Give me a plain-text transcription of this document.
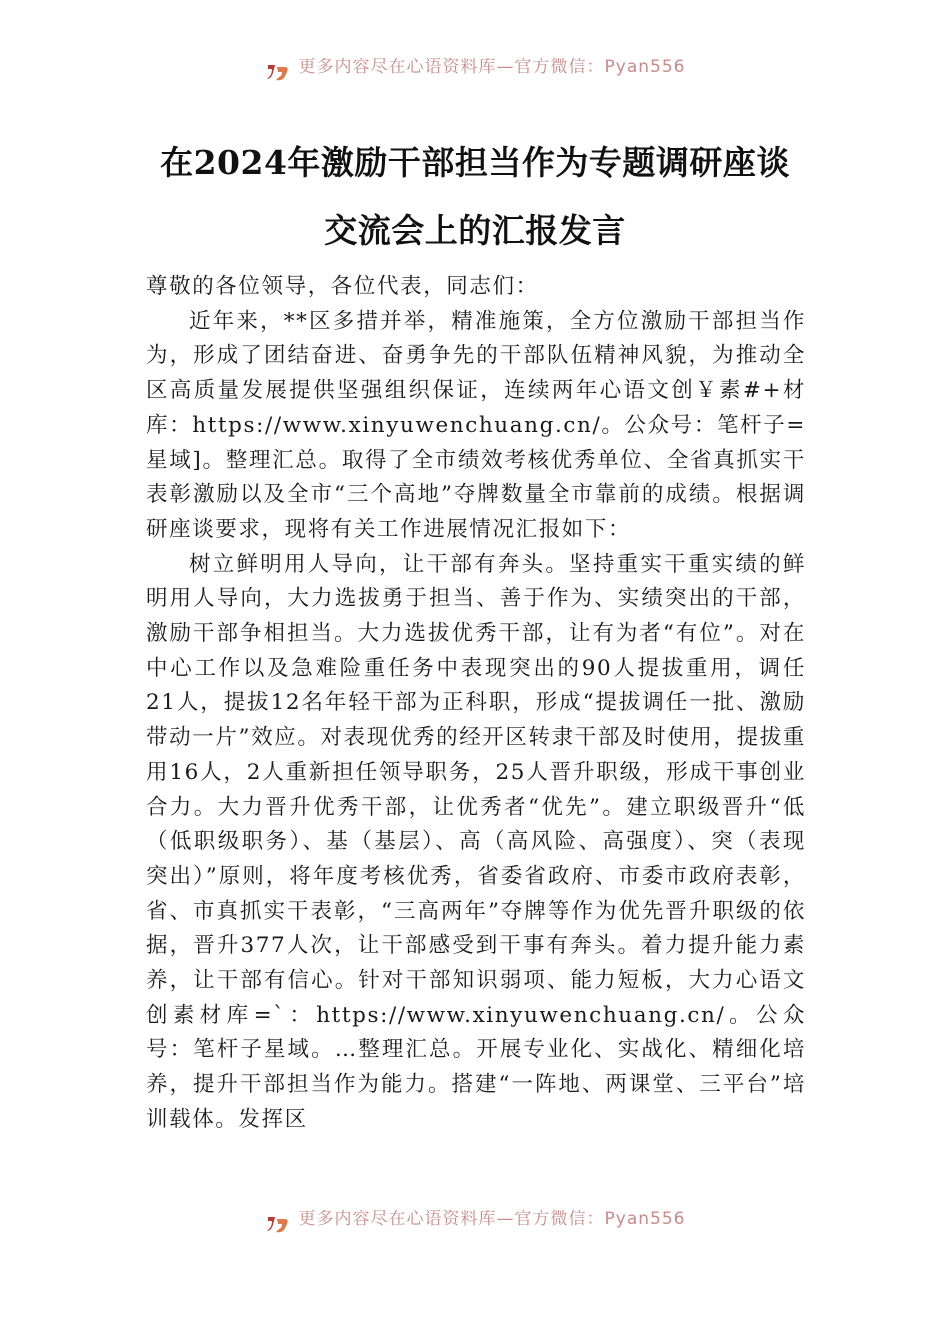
更多内容尽在心语资料库—官方微信：Pyan556
在2024年激励干部担当作为专题调研座谈
交流会上的汇报发言

尊敬的各位领导，各位代表，同志们：

近年来，**区多措并举，精准施策，全方位激励干部担当作为，形成了团结奋进、奋勇争先的干部队伍精神风貌，为推动全区高质量发展提供坚强组织保证，连续两年心语文创￥素#+材库：https://www.xinyuwenchuang.cn/。公众号：笔杆子=星域]。整理汇总。取得了全市绩效考核优秀单位、全省真抓实干表彰激励以及全市“三个高地”夺牌数量全市靠前的成绩。根据调研座谈要求，现将有关工作进展情况汇报如下：

树立鲜明用人导向，让干部有奔头。坚持重实干重实绩的鲜明用人导向，大力选拔勇于担当、善于作为、实绩突出的干部，激励干部争相担当。大力选拔优秀干部，让有为者“有位”。对在中心工作以及急难险重任务中表现突出的90人提拔重用，调任21人，提拔12名年轻干部为正科职，形成“提拔调任一批、激励带动一片”效应。对表现优秀的经开区转隶干部及时使用，提拔重用16人，2人重新担任领导职务，25人晋升职级，形成干事创业合力。大力晋升优秀干部，让优秀者“优先”。建立职级晋升“低（低职级职务）、基（基层）、高（高风险、高强度）、突（表现突出）”原则，将年度考核优秀，省委省政府、市委市政府表彰，省、市真抓实干表彰，“三高两年”夺牌等作为优先晋升职级的依据，晋升377人次，让干部感受到干事有奔头。着力提升能力素养，让干部有信心。针对干部知识弱项、能力短板，大力心语文创素材库=`：https://www.xinyuwenchuang.cn/。公众号：笔杆子星域。…整理汇总。开展专业化、实战化、精细化培养，提升干部担当作为能力。搭建“一阵地、两课堂、三平台”培训载体。发挥区

更多内容尽在心语资料库—官方微信：Pyan556
